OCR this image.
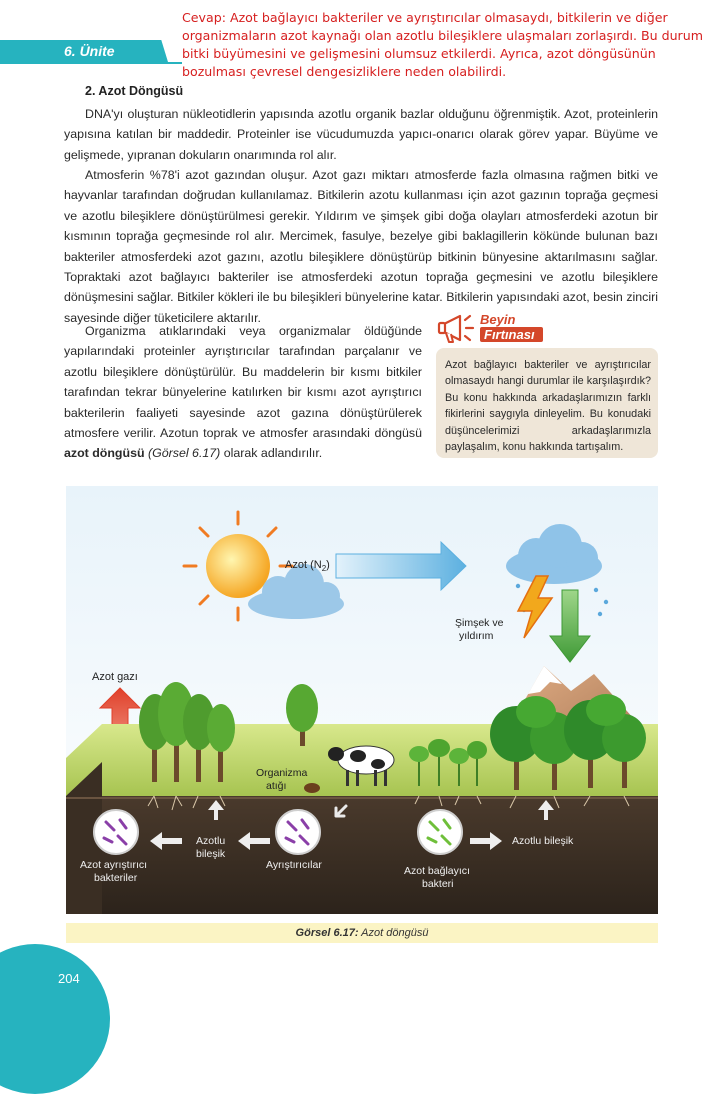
Cevap: Azot bağlayıcı bakteriler ve ayrıştırıcılar olmasaydı, bitkilerin ve diğer organizmaların azot kaynağı olan azotlu bileşiklere ulaşmaları zorlaşırdı. Bu durum bitki büyümesini ve gelişmesini olumsuz etkilerdi. Ayrıca, azot döngüsünün bozulması çevresel dengesizliklere neden olabilirdi.
6. Ünite
2. Azot Döngüsü
DNA'yı oluşturan nükleotidlerin yapısında azotlu organik bazlar olduğunu öğrenmiştik. Azot, proteinlerin yapısına katılan bir maddedir. Proteinler ise vücudumuzda yapıcı-onarıcı olarak görev yapar. Büyüme ve gelişmede, yıpranan dokuların onarımında rol alır.
Atmosferin %78'i azot gazından oluşur. Azot gazı miktarı atmosferde fazla olmasına rağmen bitki ve hayvanlar tarafından doğrudan kullanılamaz. Bitkilerin azotu kullanması için azot gazının toprağa geçmesi ve azotlu bileşiklere dönüştürülmesi gerekir. Yıldırım ve şimşek gibi doğa olayları atmosferdeki azotun bir kısmının toprağa geçmesinde rol alır. Mercimek, fasulye, bezelye gibi baklagillerin kökünde bulunan bazı bakteriler atmosferdeki azot gazını, azotlu bileşiklere dönüştürüp bitkinin bünyesine aktarılmasını sağlar. Topraktaki azot bağlayıcı bakteriler ise atmosferdeki azotun toprağa geçmesini ve azotlu bileşiklere dönüşmesini sağlar. Bitkiler kökleri ile bu bileşikleri bünyelerine katar. Bitkilerin yapısındaki azot, besin zinciri sayesinde diğer tüketicilere aktarılır.
Organizma atıklarındaki veya organizmalar öldüğünde yapılarındaki proteinler ayrıştırıcılar tarafından parçalanır ve azotlu bileşiklere dönüştürülür. Bu maddelerin bir kısmı bitkiler tarafından tekrar bünyelerine katılırken bir kısmı azot ayrıştırıcı bakterilerin faaliyeti sayesinde azot gazına dönüştürülerek atmosfere verilir. Azotun toprak ve atmosfer arasındaki döngüsü azot döngüsü (Görsel 6.17) olarak adlandırılır.
Beyin
Fırtınası
Azot bağlayıcı bakteriler ve ayrıştırıcılar olmasaydı hangi durumlar ile karşılaşırdık? Bu konu hakkında arkadaşlarımızın farklı fikirlerini saygıyla dinleyelim. Bu konudaki düşüncelerimizi arkadaşlarımızla paylaşalım, konu hakkında tartışalım.
Azot $(N_2)$
Şimşek ve
yıldırım
Azot gazı
Organizma
atığı
Azotlu
bileşik
Azotlu bileşik
Azot ayrıştırıcı
bakteriler
Ayrıştırıcılar	Azot bağlayıcı
bakteri
Görsel 6.17: Azot döngüsü
204
